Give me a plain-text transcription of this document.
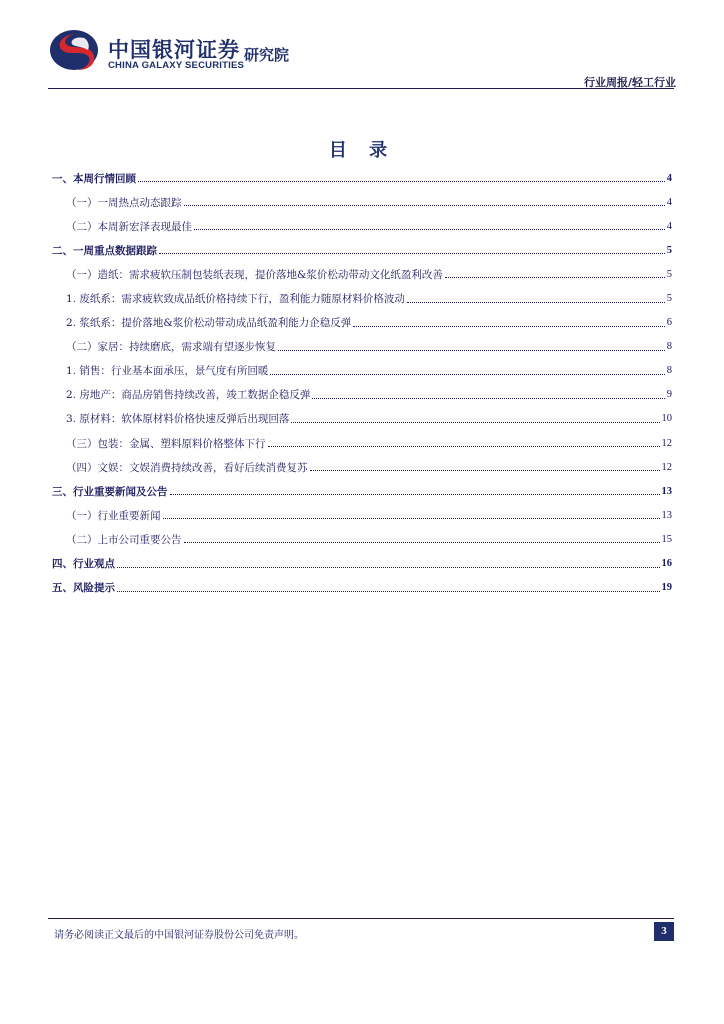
中国银河证券
CHINA GALAXY SECURITIES
研究院
行业周报/轻工行业
目 录
一、本周行情回顾	4
（一）一周热点动态跟踪	4
（二）本周新宏泽表现最佳	4
二、一周重点数据跟踪	5
（一）造纸：需求疲软压制包装纸表现，提价落地&浆价松动带动文化纸盈利改善	5
1. 废纸系：需求疲软致成品纸价格持续下行，盈利能力随原材料价格波动	5
2. 浆纸系：提价落地&浆价松动带动成品纸盈利能力企稳反弹	6
（二）家居：持续磨底，需求端有望逐步恢复	8
1. 销售：行业基本面承压，景气度有所回暖	8
2. 房地产：商品房销售持续改善，竣工数据企稳反弹	9
3. 原材料：软体原材料价格快速反弹后出现回落	10
（三）包装：金属、塑料原料价格整体下行	12
（四）文娱：文娱消费持续改善，看好后续消费复苏	12
三、行业重要新闻及公告	13
（一）行业重要新闻	13
（二）上市公司重要公告	15
四、行业观点	16
五、风险提示	19
请务必阅读正文最后的中国银河证券股份公司免责声明。	3
